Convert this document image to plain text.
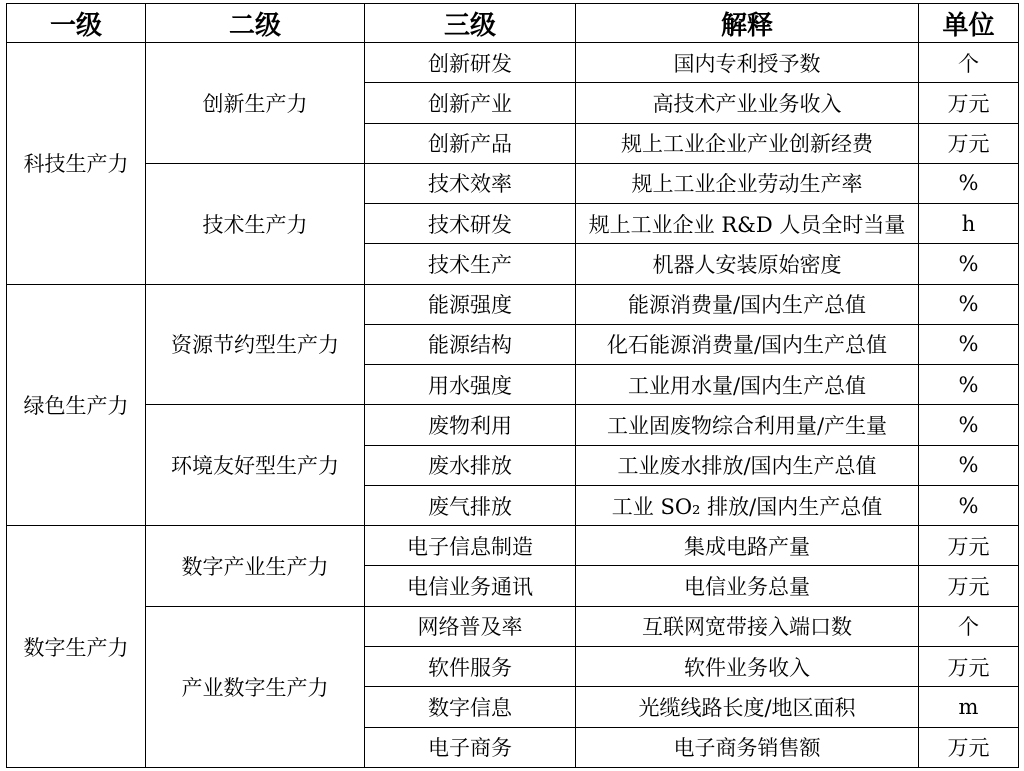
一级	二级	三级	解释	单位
科技生产力	创新生产力	创新研发	国内专利授予数	个
		创新产业	高技术产业业务收入	万元
		创新产品	规上工业企业产业创新经费	万元
	技术生产力	技术效率	规上工业企业劳动生产率	%
		技术研发	规上工业企业 R&D 人员全时当量	h
		技术生产	机器人安装原始密度	%
绿色生产力	资源节约型生产力	能源强度	能源消费量/国内生产总值	%
		能源结构	化石能源消费量/国内生产总值	%
		用水强度	工业用水量/国内生产总值	%
	环境友好型生产力	废物利用	工业固废物综合利用量/产生量	%
		废水排放	工业废水排放/国内生产总值	%
		废气排放	工业 SO₂ 排放/国内生产总值	%
数字生产力	数字产业生产力	电子信息制造	集成电路产量	万元
		电信业务通讯	电信业务总量	万元
	产业数字生产力	网络普及率	互联网宽带接入端口数	个
		软件服务	软件业务收入	万元
		数字信息	光缆线路长度/地区面积	m
		电子商务	电子商务销售额	万元
